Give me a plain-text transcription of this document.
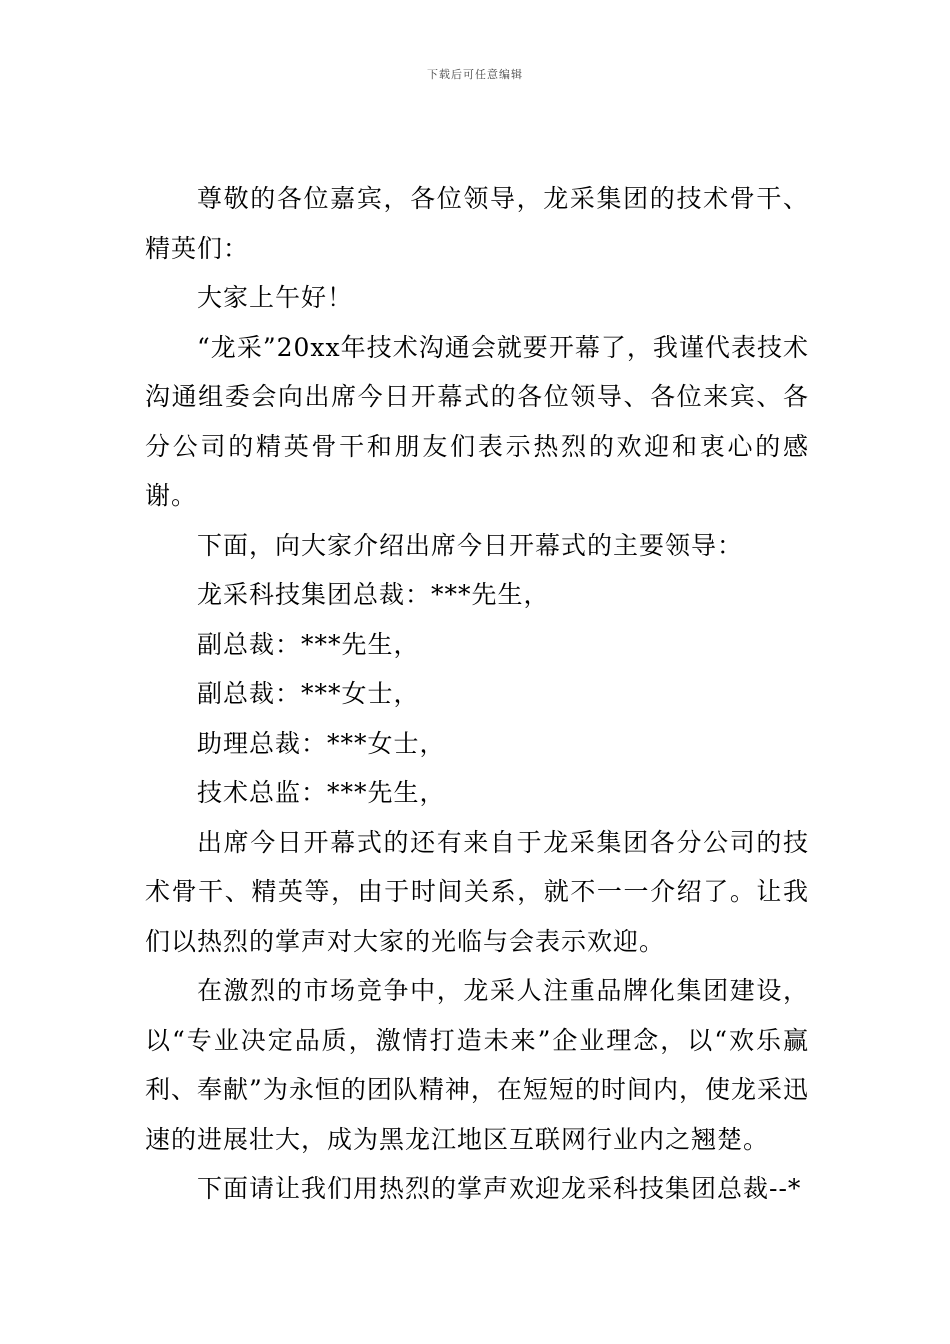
下载后可任意编辑

尊敬的各位嘉宾，各位领导，龙采集团的技术骨干、精英们：

大家上午好！

“龙采”20xx年技术沟通会就要开幕了，我谨代表技术沟通组委会向出席今日开幕式的各位领导、各位来宾、各分公司的精英骨干和朋友们表示热烈的欢迎和衷心的感谢。

下面，向大家介绍出席今日开幕式的主要领导：

龙采科技集团总裁：***先生，

副总裁：***先生，

副总裁：***女士，

助理总裁：***女士，

技术总监：***先生，

出席今日开幕式的还有来自于龙采集团各分公司的技术骨干、精英等，由于时间关系，就不一一介绍了。让我们以热烈的掌声对大家的光临与会表示欢迎。

在激烈的市场竞争中，龙采人注重品牌化集团建设，以“专业决定品质，激情打造未来”企业理念，以“欢乐赢利、奉献”为永恒的团队精神，在短短的时间内，使龙采迅速的进展壮大，成为黑龙江地区互联网行业内之翘楚。

下面请让我们用热烈的掌声欢迎龙采科技集团总裁--*
